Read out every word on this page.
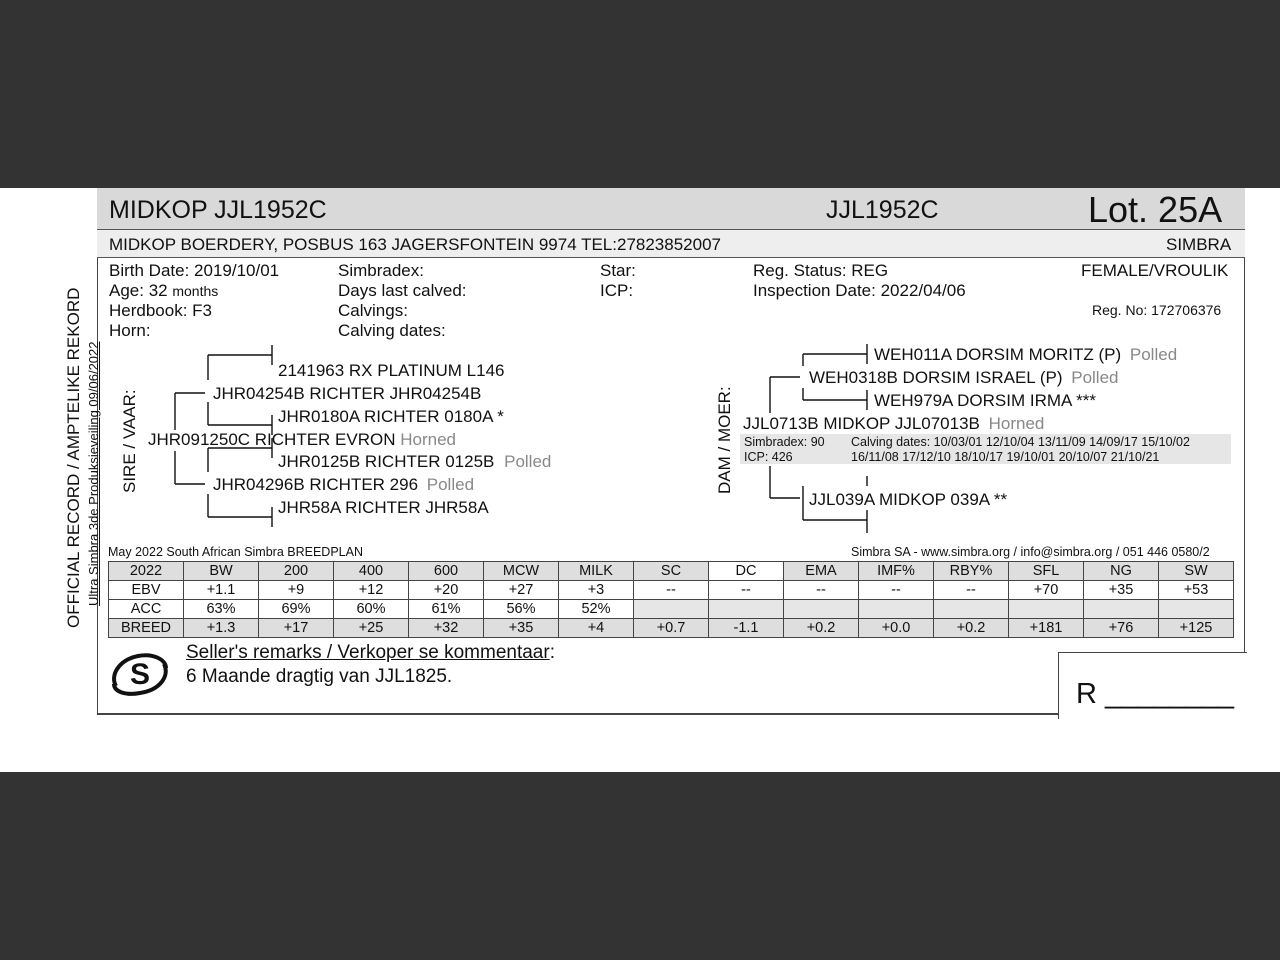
MIDKOP JJL1952C	JJL1952C	Lot. 25A
MIDKOP BOERDERY, POSBUS 163 JAGERSFONTEIN 9974 TEL:27823852007	SIMBRA
OFFICIAL RECORD / AMPTELIKE REKORD Ultra Simbra 3de Produksieveiling 09/06/2022
Birth Date: 2019/10/01
Age: 32 months
Herdbook: F3
Horn:
Simbradex:
Days last calved:
Calvings:
Calving dates:
Star:
ICP:
Reg. Status: REG
Inspection Date: 2022/04/06
FEMALE/VROULIK
Reg. No: 172706376
SIRE / VAAR: JHR091250C RICHTER EVRON Horned
JHR04254B RICHTER JHR04254B
2141963 RX PLATINUM L146
JHR0180A RICHTER 0180A *
JHR04296B RICHTER 296 Polled
JHR0125B RICHTER 0125B Polled
JHR58A RICHTER JHR58A
DAM / MOER:
WEH011A DORSIM MORITZ (P) Polled
WEH0318B DORSIM ISRAEL (P) Polled
WEH979A DORSIM IRMA ***
JJL0713B MIDKOP JJL07013B Horned
Simbradex: 90
ICP: 426
Calving dates: 10/03/01 12/10/04 13/11/09 14/09/17 15/10/02
16/11/08 17/12/10 18/10/17 19/10/01 20/10/07 21/10/21
JJL039A MIDKOP 039A **
May 2022 South African Simbra BREEDPLAN	Simbra SA - www.simbra.org / info@simbra.org / 051 446 0580/2
2022	BW	200	400	600	MCW	MILK	SC	DC	EMA	IMF%	RBY%	SFL	NG	SW
EBV	+1.1	+9	+12	+20	+27	+3	--	--	--	--	--	+70	+35	+53
ACC	63%	69%	60%	61%	56%	52%								
BREED	+1.3	+17	+25	+32	+35	+4	+0.7	-1.1	+0.2	+0.0	+0.2	+181	+76	+125
S
Seller's remarks / Verkoper se kommentaar:
6 Maande dragtig van JJL1825.
R ________
